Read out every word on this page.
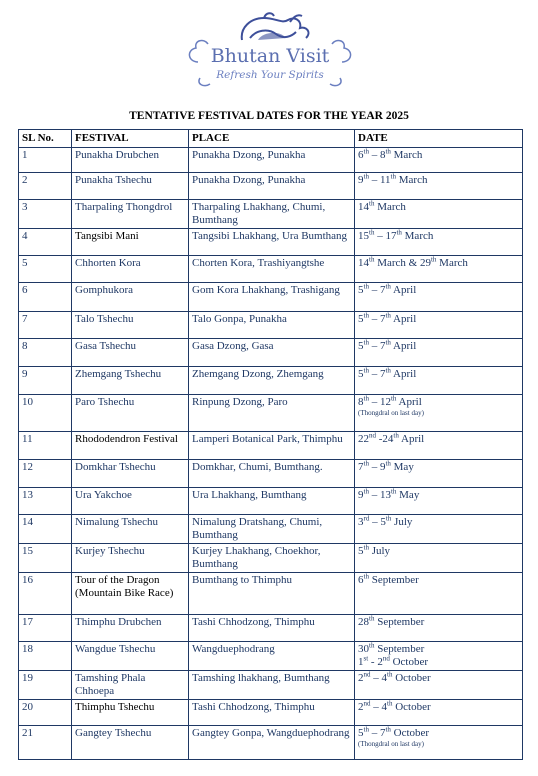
Bhutan Visit
Refresh Your Spirits
TENTATIVE FESTIVAL DATES FOR THE YEAR 2025
SL No.	FESTIVAL	PLACE	DATE
1	Punakha Drubchen	Punakha Dzong, Punakha	6th – 8th March
2	Punakha Tshechu	Punakha Dzong, Punakha	9th – 11th March
3	Tharpaling Thongdrol	Tharpaling Lhakhang, Chumi, Bumthang	14th March
4	Tangsibi Mani	Tangsibi Lhakhang, Ura Bumthang	15th – 17th March
5	Chhorten Kora	Chorten Kora, Trashiyangtshe	14th March & 29th March
6	Gomphukora	Gom Kora Lhakhang, Trashigang	5th – 7th April
7	Talo Tshechu	Talo Gonpa, Punakha	5th – 7th April
8	Gasa Tshechu	Gasa Dzong, Gasa	5th – 7th April
9	Zhemgang Tshechu	Zhemgang Dzong, Zhemgang	5th – 7th April
10	Paro Tshechu	Rinpung Dzong, Paro	8th – 12th April
(Thongdral on last day)

11	Rhododendron Festival	Lamperi Botanical Park, Thimphu	22nd -24th April
12	Domkhar Tshechu	Domkhar, Chumi, Bumthang.	7th – 9th May
13	Ura Yakchoe	Ura Lhakhang, Bumthang	9th – 13th May
14	Nimalung Tshechu	Nimalung Dratshang, Chumi, Bumthang	3rd – 5th July
15	Kurjey Tshechu	Kurjey Lhakhang, Choekhor, Bumthang	5th July
16	Tour of the Dragon (Mountain Bike Race)	Bumthang to Thimphu	6th September
17	Thimphu Drubchen	Tashi Chhodzong, Thimphu	28th September
18	Wangdue Tshechu	Wangduephodrang	30th September
1st - 2nd October
19	Tamshing Phala Chhoepa	Tamshing lhakhang, Bumthang	2nd – 4th October
20	Thimphu Tshechu	Tashi Chhodzong, Thimphu	2nd – 4th October
21	Gangtey Tshechu	Gangtey Gonpa, Wangduephodrang	5th – 7th October
(Thongdral on last day)
